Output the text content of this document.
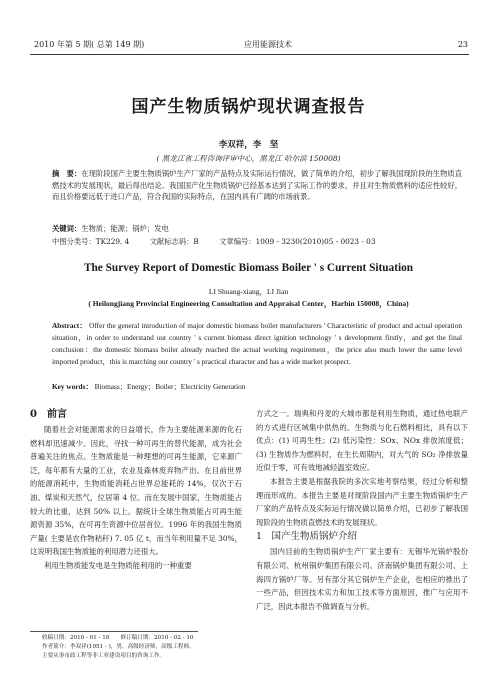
2010 年第 5 期( 总第 149 期)	应用能源技术	23
国产生物质锅炉现状调查报告
李双祥，李　坚
( 黑龙江省工程咨询评审中心，黑龙江 哈尔滨 150008)
摘　要：在现阶段国产主要生物质锅炉生产厂家的产品特点及实际运行情况，做了简单的介绍，初步了解我国现阶段的生物质直燃技术的发展现状，最后得出结论。我国国产化生物质锅炉已经基本达到了实际工作的要求，并且对生物质燃料的适应性较好，而且价格要远低于进口产品，符合我国的实际特点，在国内具有广阔的市场前景。
关键词：生物质；能源；锅炉；发电
中图分类号：TK229. 4	文献标志码：B	文章编号：1009 - 3230(2010)05 - 0023 - 03
The Survey Report of Domestic Biomass Boiler ' s Current Situation
LI Shuang-xiang，LI Jian
( Heilongjiang Provincial Engineering Consultation and Appraisal Center，Harbin 150008，China)
Abstract： Offer the general introduction of major domestic biomass boiler manufacturers ' Characteristic of product and actual operation situation，in order to understand our country ' s current biomass direct ignition technology ' s development firstly，and get the final conclusion：the domestic biomass boiler already reached the actual working requirement，the price also much lower the same level imported product，this is marching our country ' s practical character and has a wide market prospect.
Key words： Biomass；Energy；Boiler；Electricity Generation
0　前言

随着社会对能源需求的日益增长，作为主要能源来源的化石燃料却迅速减少。因此，寻找一种可再生的替代能源，成为社会普遍关注的焦点。生物质能是一种理想的可再生能源，它来源广泛，每年都有大量的工业，农业及森林废弃物产出。在目前世界的能源消耗中，生物质能消耗占世界总能耗的 14%，仅次于石油、煤炭和天然气，位居第 4 位。而在发展中国家，生物质能占较大的比重，达到 50% 以上。据统计全球生物质能占可再生能源资源 35%，在可再生资源中位居首位。1996 年的我国生物质产量( 主要是农作物秸秆) 7. 05 亿 t，而当年利用量不足 30%，这说明我国生物质能的利用潜力还很大。

利用生物质能发电是生物质能利用的一种重要

方式之一。瑞典和丹麦的大城市都是利用生物质，通过热电联产的方式进行区域集中供热的。生物质与化石燃料相比，具有以下优点：(1) 可再生性；(2) 低污染性：SOx、NOx 排放浓度低；(3) 生物质作为燃料时，在生长周期内，对大气的 SO₂ 净排放量近似于零，可有效地减轻温室效应。

本报告主要是根据我院的多次实地考察结果，经过分析和整理而形成的。本报告主要是对现阶段国内产主要生物质锅炉生产厂家的产品特点及实际运行情况做以简单介绍，已初步了解我国现阶段的生物质直燃技术的发展现状。

1　国产生物质锅炉介绍

国内目前的生物质锅炉生产厂家主要有：无锡华光锅炉股份有限公司、杭州锅炉集团有限公司、济南锅炉集团有限公司、上海四方锅炉厂等。另有部分其它锅炉生产企业，也相应的推出了一些产品，但因技术实力和加工技术等方面原因，推广与应用不广泛，因此本报告不做调查与分析。

收稿日期：2010 - 01 - 18　　修订稿日期：2010 - 02 - 10
作者简介：李双祥(1951 - )，男，高级经济师，高级工程师，
主要从事市政工程等非工业建设项目的咨询工作。
